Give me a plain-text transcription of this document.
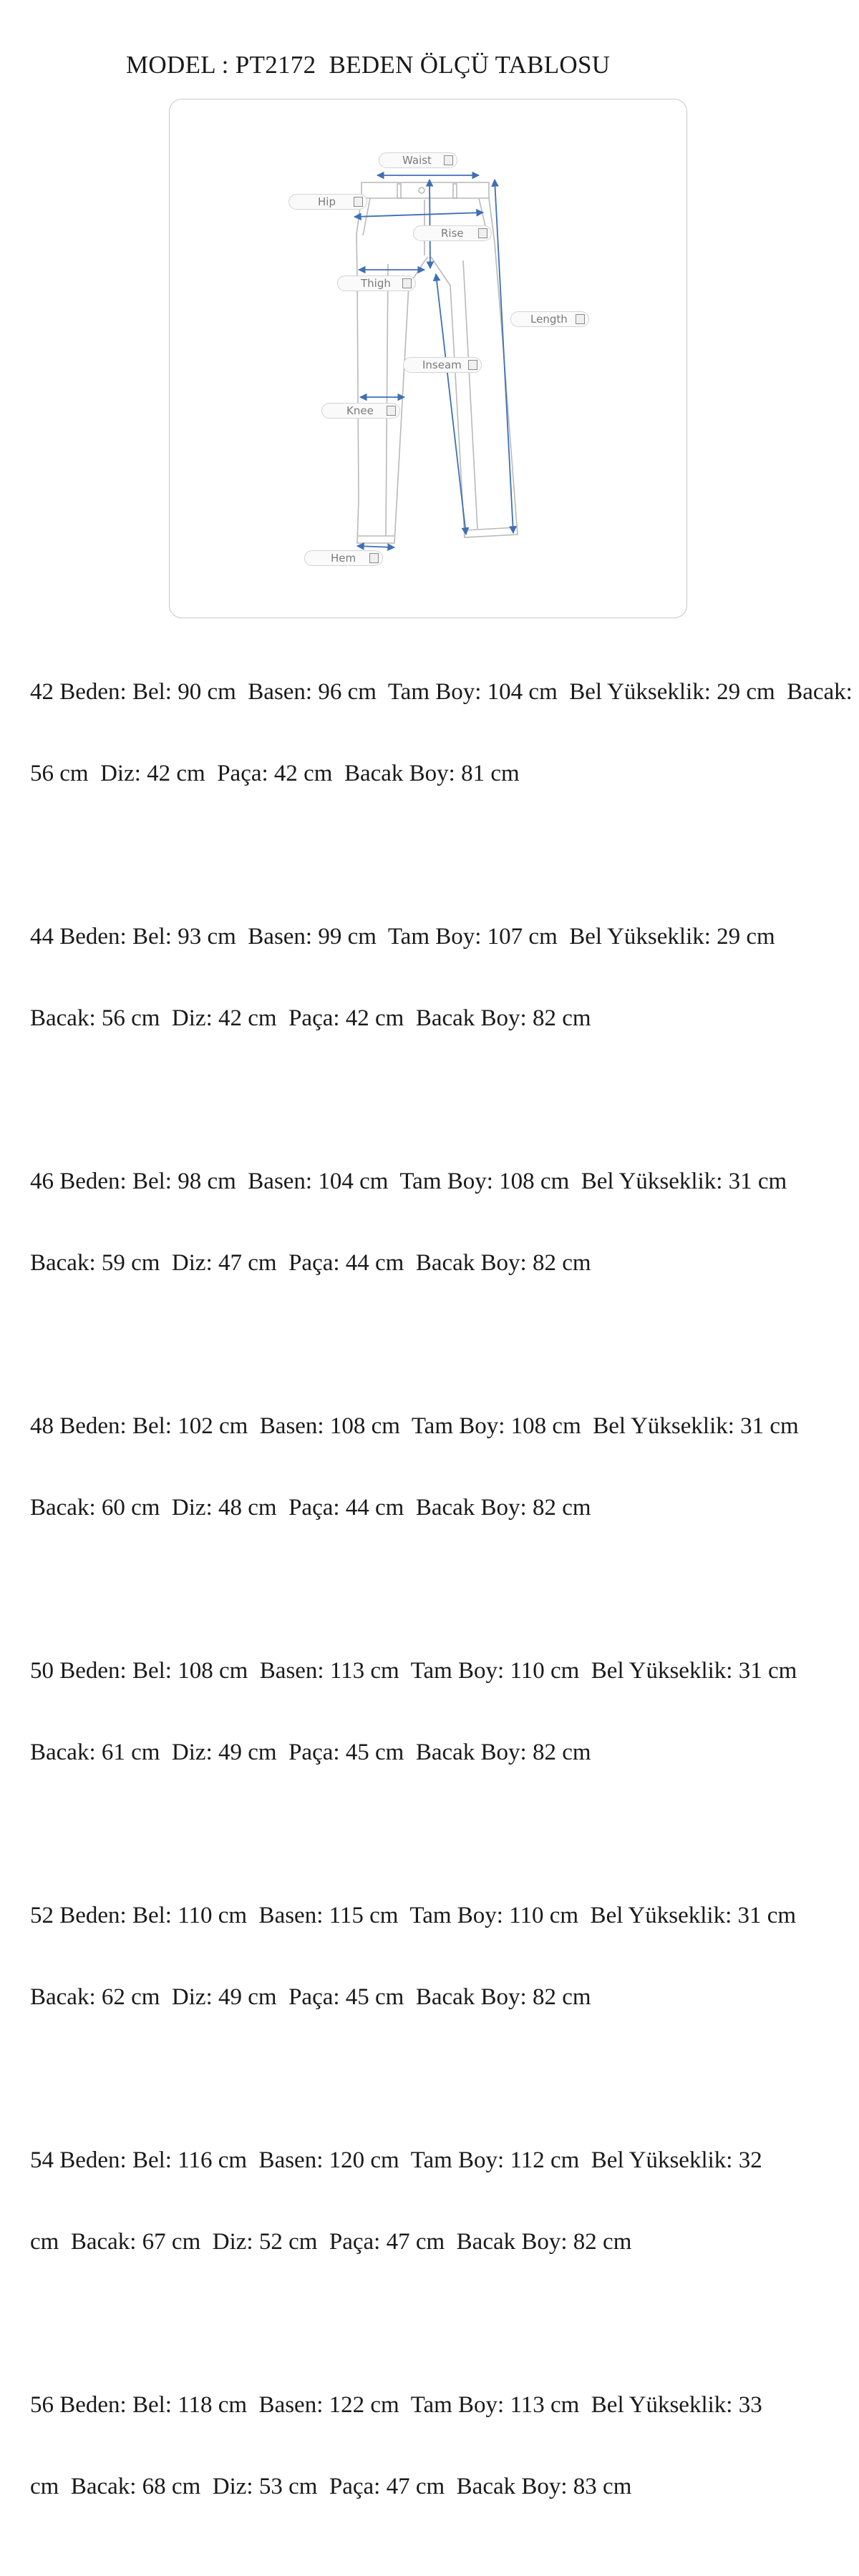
MODEL : PT2172  BEDEN ÖLÇÜ TABLOSU
Waist
Hip
Rise
Thigh
Length
Inseam
Knee
Hem

42 Beden: Bel: 90 cm  Basen: 96 cm  Tam Boy: 104 cm  Bel Yükseklik: 29 cm  Bacak:

56 cm  Diz: 42 cm  Paça: 42 cm  Bacak Boy: 81 cm

44 Beden: Bel: 93 cm  Basen: 99 cm  Tam Boy: 107 cm  Bel Yükseklik: 29 cm

Bacak: 56 cm  Diz: 42 cm  Paça: 42 cm  Bacak Boy: 82 cm

46 Beden: Bel: 98 cm  Basen: 104 cm  Tam Boy: 108 cm  Bel Yükseklik: 31 cm

Bacak: 59 cm  Diz: 47 cm  Paça: 44 cm  Bacak Boy: 82 cm

48 Beden: Bel: 102 cm  Basen: 108 cm  Tam Boy: 108 cm  Bel Yükseklik: 31 cm

Bacak: 60 cm  Diz: 48 cm  Paça: 44 cm  Bacak Boy: 82 cm

50 Beden: Bel: 108 cm  Basen: 113 cm  Tam Boy: 110 cm  Bel Yükseklik: 31 cm

Bacak: 61 cm  Diz: 49 cm  Paça: 45 cm  Bacak Boy: 82 cm

52 Beden: Bel: 110 cm  Basen: 115 cm  Tam Boy: 110 cm  Bel Yükseklik: 31 cm

Bacak: 62 cm  Diz: 49 cm  Paça: 45 cm  Bacak Boy: 82 cm

54 Beden: Bel: 116 cm  Basen: 120 cm  Tam Boy: 112 cm  Bel Yükseklik: 32

cm  Bacak: 67 cm  Diz: 52 cm  Paça: 47 cm  Bacak Boy: 82 cm

56 Beden: Bel: 118 cm  Basen: 122 cm  Tam Boy: 113 cm  Bel Yükseklik: 33

cm  Bacak: 68 cm  Diz: 53 cm  Paça: 47 cm  Bacak Boy: 83 cm
